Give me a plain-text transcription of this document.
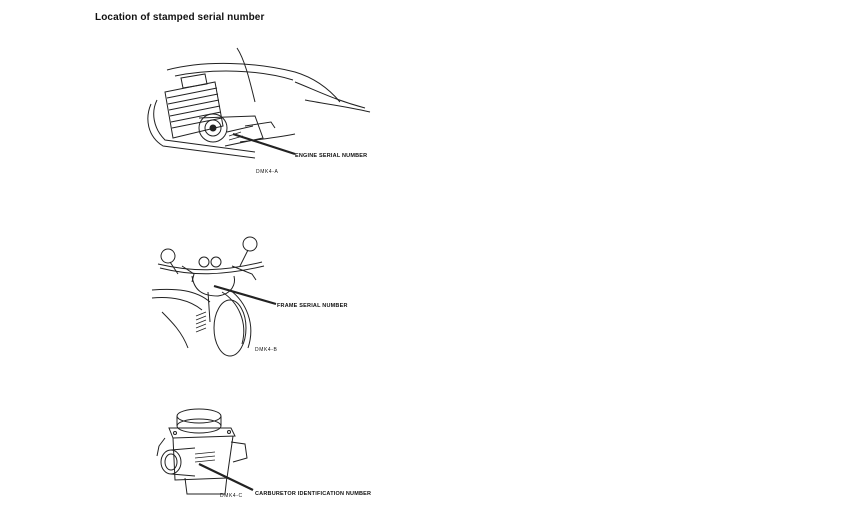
Location of stamped serial number
ENGINE SERIAL NUMBER
DMK4-A
FRAME SERIAL NUMBER
DMK4-B
CARBURETOR IDENTIFICATION NUMBER
DMK4-C
